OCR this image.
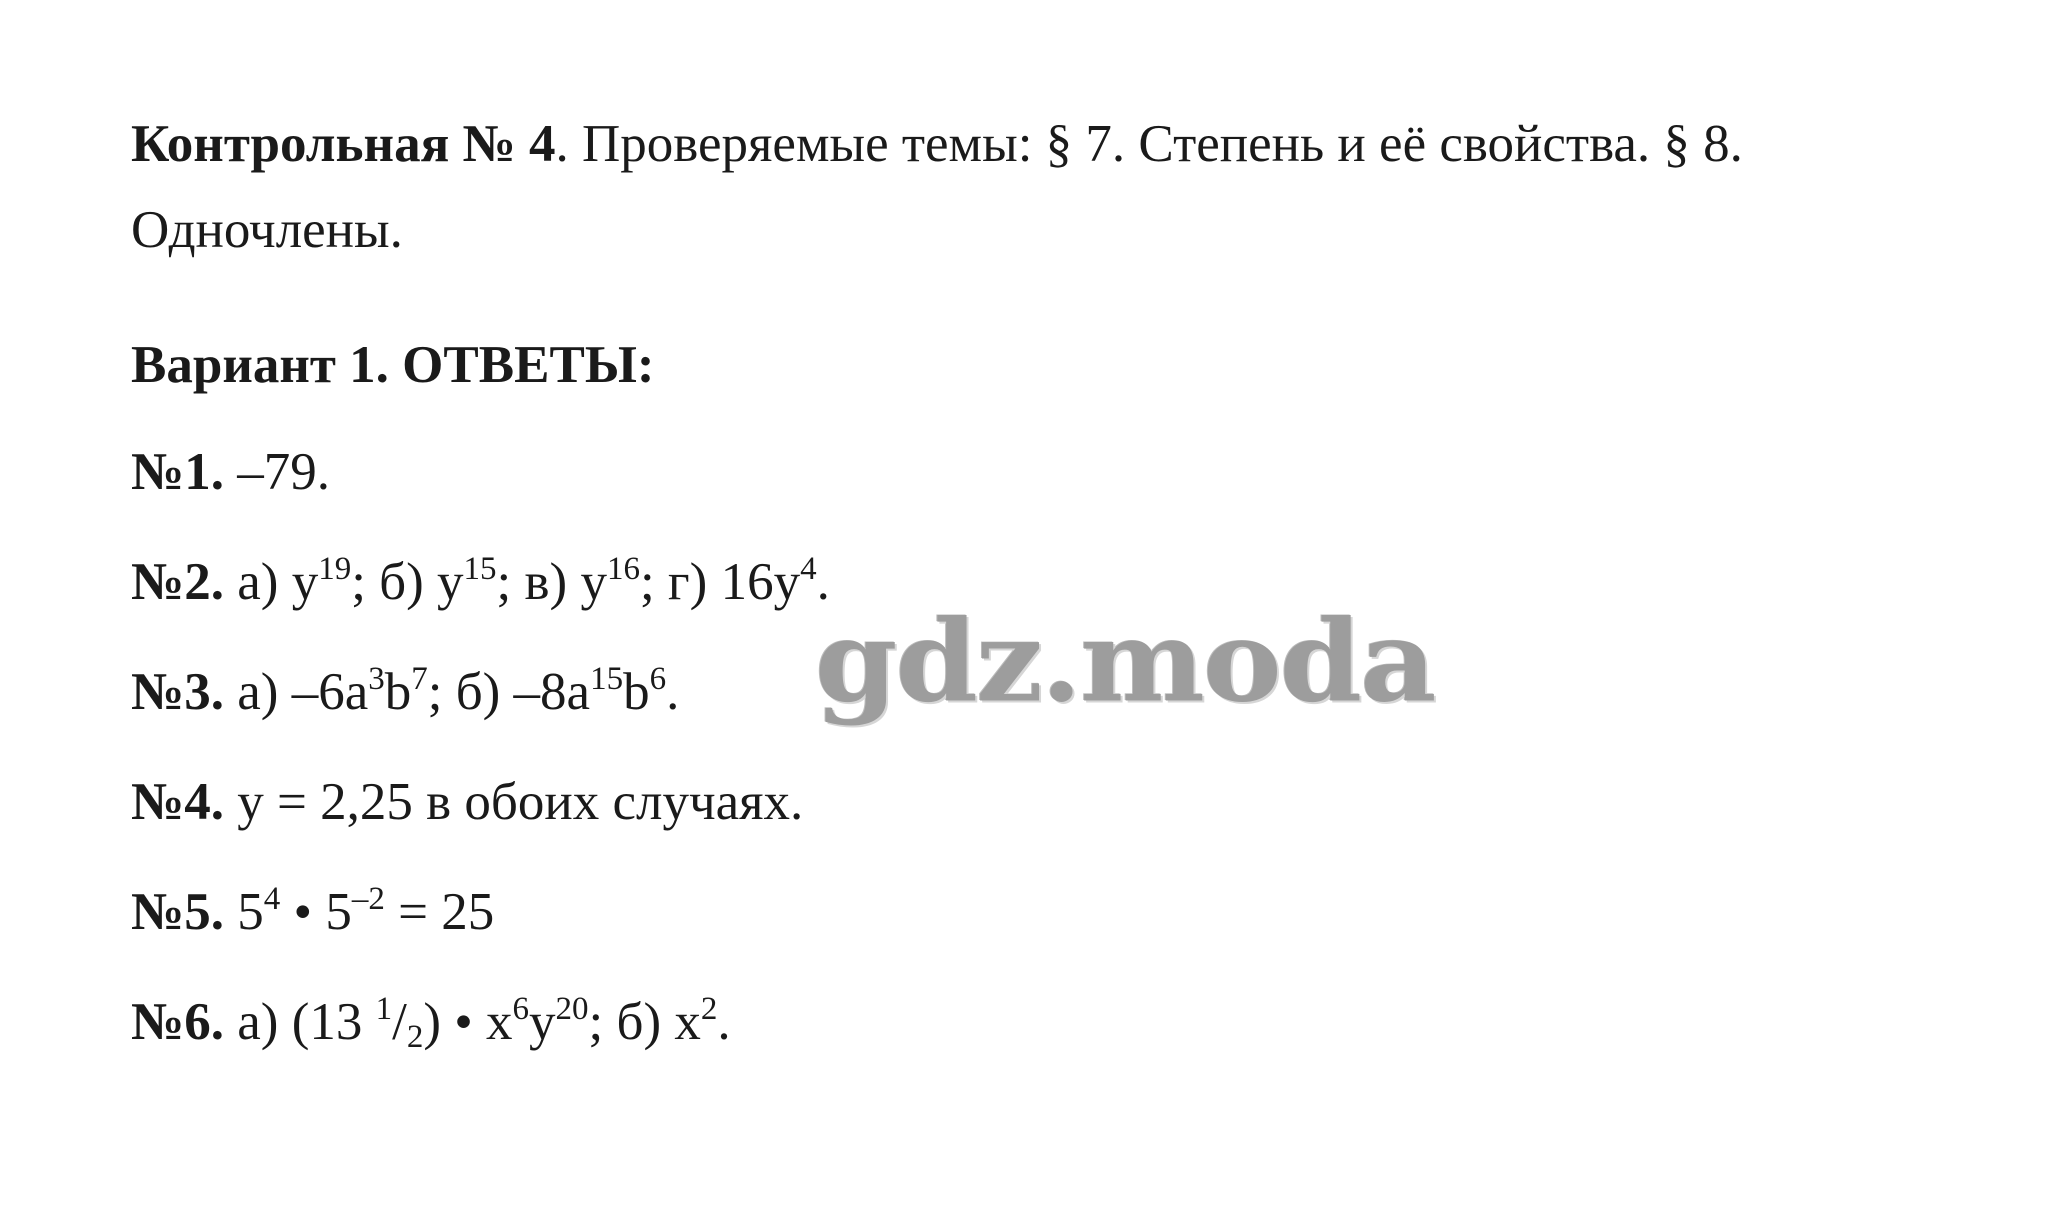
Контрольная № 4. Проверяемые темы: § 7. Степень и её свойства. § 8.
Одночлены.
Вариант 1. ОТВЕТЫ:
№1. –79.
№2. а) $y^{19}$; б) $y^{15}$; в) $y^{16}$; г) $16y^4$.
№3. а) $-6a^3b^7$; б) $-8a^{15}b^6$.
№4. y = 2,25 в обоих случаях.
№5. $5^4$ • $5^{-2} = 25$
№6. а) (13 $^1/_2$) • $x^6y^{20}$; б) $x^2$.
gdz.moda
